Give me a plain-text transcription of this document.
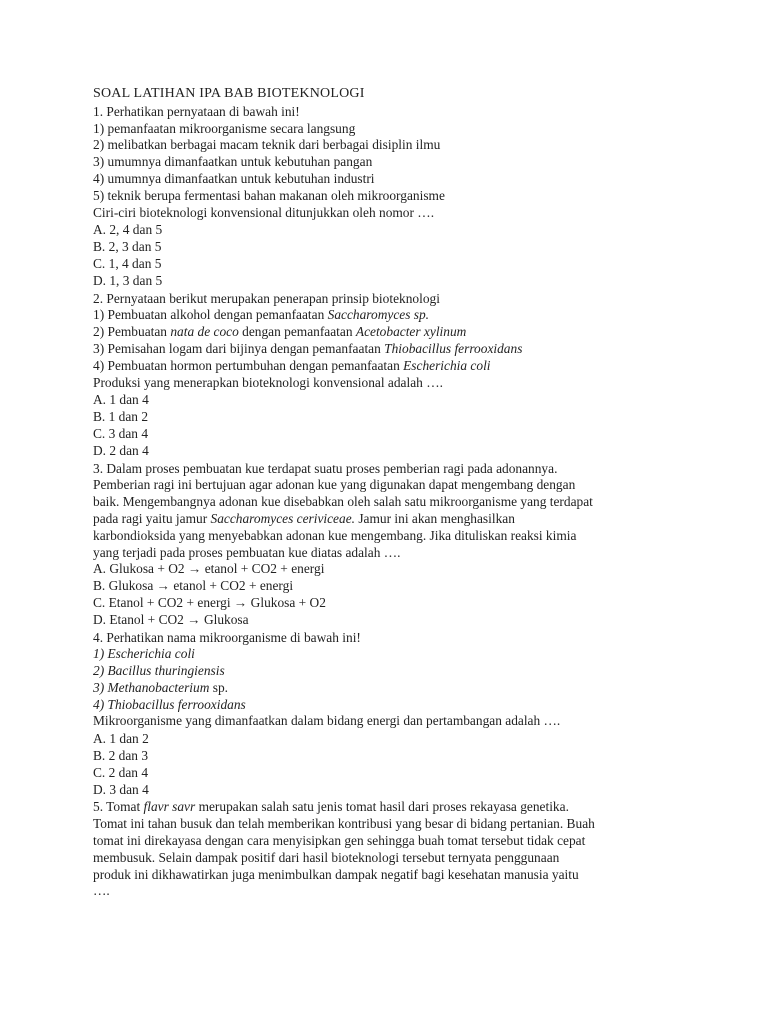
SOAL LATIHAN IPA BAB BIOTEKNOLOGI

1. Perhatikan pernyataan di bawah ini!

1) pemanfaatan mikroorganisme secara langsung

2) melibatkan berbagai macam teknik dari berbagai disiplin ilmu

3) umumnya dimanfaatkan untuk kebutuhan pangan

4) umumnya dimanfaatkan untuk kebutuhan industri

5) teknik berupa fermentasi bahan makanan oleh mikroorganisme

Ciri-ciri bioteknologi konvensional ditunjukkan oleh nomor ….

A. 2, 4 dan 5

B. 2, 3 dan 5

C. 1, 4 dan 5

D. 1, 3 dan 5

2. Pernyataan berikut merupakan penerapan prinsip bioteknologi

1) Pembuatan alkohol dengan pemanfaatan Saccharomyces sp.

2) Pembuatan nata de coco dengan pemanfaatan Acetobacter xylinum

3) Pemisahan logam dari bijinya dengan pemanfaatan Thiobacillus ferrooxidans

4) Pembuatan hormon pertumbuhan dengan pemanfaatan Escherichia coli

Produksi yang menerapkan bioteknologi konvensional adalah ….

A. 1 dan 4

B. 1 dan 2

C. 3 dan 4

D. 2 dan 4

3. Dalam proses pembuatan kue terdapat suatu proses pemberian ragi pada adonannya.

Pemberian ragi ini bertujuan agar adonan kue yang digunakan dapat mengembang dengan

baik. Mengembangnya adonan kue disebabkan oleh salah satu mikroorganisme yang terdapat

pada ragi yaitu jamur Saccharomyces ceriviceae. Jamur ini akan menghasilkan

karbondioksida yang menyebabkan adonan kue mengembang. Jika dituliskan reaksi kimia

yang terjadi pada proses pembuatan kue diatas adalah ….

A. Glukosa + O2 → etanol + CO2 + energi

B. Glukosa → etanol + CO2 + energi

C. Etanol + CO2 + energi → Glukosa + O2

D. Etanol + CO2 → Glukosa

4. Perhatikan nama mikroorganisme di bawah ini!

1) Escherichia coli

2) Bacillus thuringiensis

3) Methanobacterium sp.

4) Thiobacillus ferrooxidans

Mikroorganisme yang dimanfaatkan dalam bidang energi dan pertambangan adalah ….

A. 1 dan 2

B. 2 dan 3

C. 2 dan 4

D. 3 dan 4

5. Tomat flavr savr merupakan salah satu jenis tomat hasil dari proses rekayasa genetika.

Tomat ini tahan busuk dan telah memberikan kontribusi yang besar di bidang pertanian. Buah

tomat ini direkayasa dengan cara menyisipkan gen sehingga buah tomat tersebut tidak cepat

membusuk. Selain dampak positif dari hasil bioteknologi tersebut ternyata penggunaan

produk ini dikhawatirkan juga menimbulkan dampak negatif bagi kesehatan manusia yaitu

….
